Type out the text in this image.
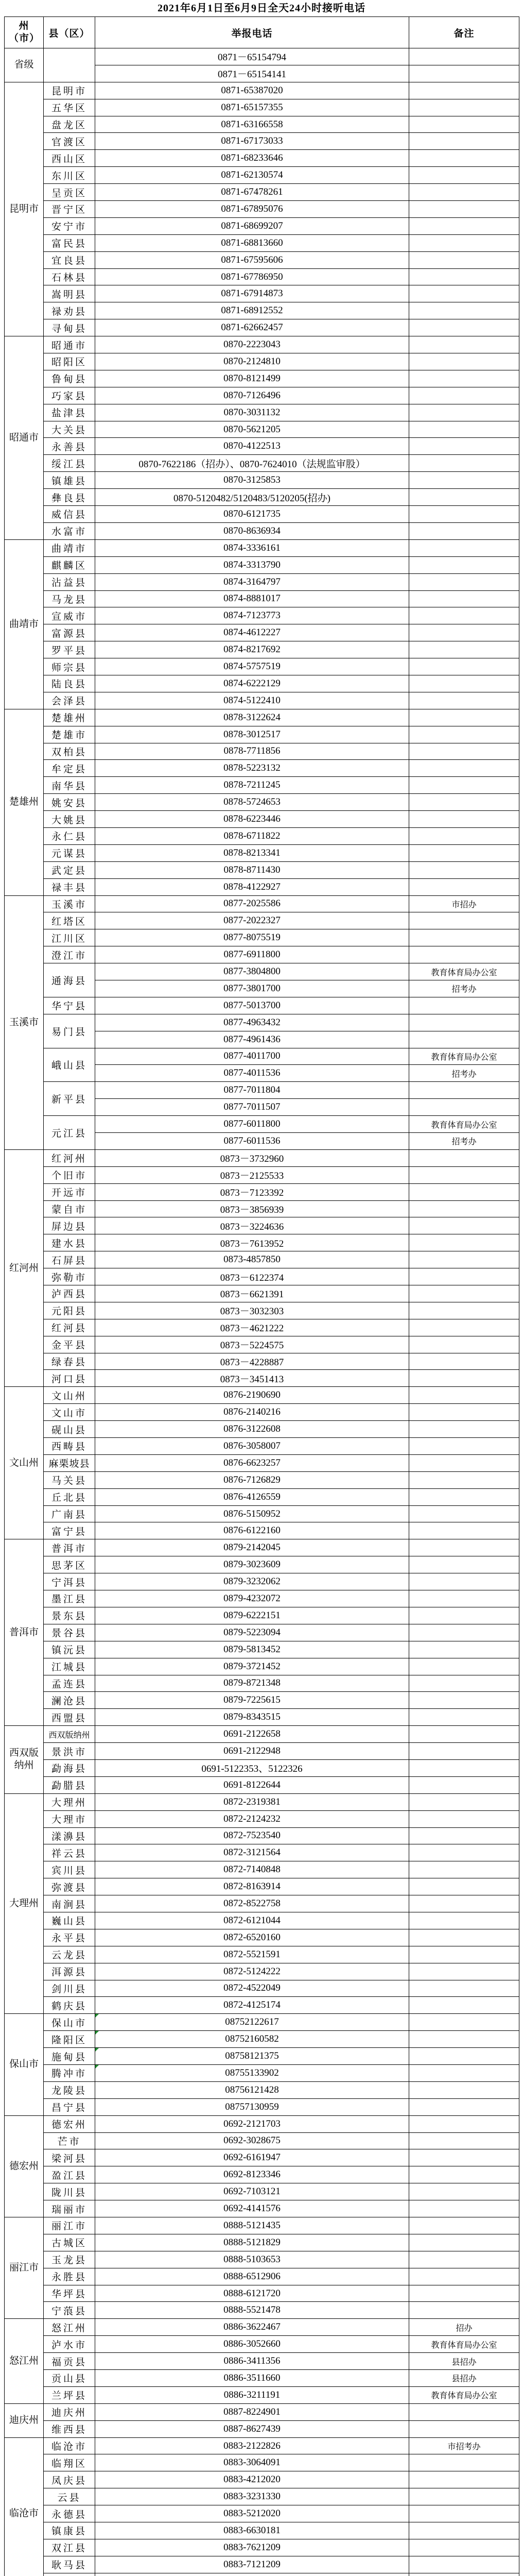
2021年6月1日至6月9日全天24小时接听电话
州（市）	县（区）	举报电话	备注
省级		0871－65154794	
		0871－65154141	
昆明市	昆明市	0871-65387020	
	五华区	0871-65157355	
	盘龙区	0871-63166558	
	官渡区	0871-67173033	
	西山区	0871-68233646	
	东川区	0871-62130574	
	呈贡区	0871-67478261	
	晋宁区	0871-67895076	
	安宁市	0871-68699207	
	富民县	0871-68813660	
	宜良县	0871-67595606	
	石林县	0871-67786950	
	嵩明县	0871-67914873	
	禄劝县	0871-68912552	
	寻甸县	0871-62662457	
昭通市	昭通市	0870-2223043	
	昭阳区	0870-2124810	
	鲁甸县	0870-8121499	
	巧家县	0870-7126496	
	盐津县	0870-3031132	
	大关县	0870-5621205	
	永善县	0870-4122513	
	绥江县	0870-7622186（招办）、0870-7624010（法规监审股）	
	镇雄县	0870-3125853	
	彝良县	0870-5120482/5120483/5120205(招办)	
	威信县	0870-6121735	
	水富市	0870-8636934	
曲靖市	曲靖市	0874-3336161	
	麒麟区	0874-3313790	
	沾益县	0874-3164797	
	马龙县	0874-8881017	
	宣威市	0874-7123773	
	富源县	0874-4612227	
	罗平县	0874-8217692	
	师宗县	0874-5757519	
	陆良县	0874-6222129	
	会泽县	0874-5122410	
楚雄州	楚雄州	0878-3122624	
	楚雄市	0878-3012517	
	双柏县	0878-7711856	
	牟定县	0878-5223132	
	南华县	0878-7211245	
	姚安县	0878-5724653	
	大姚县	0878-6223446	
	永仁县	0878-6711822	
	元谋县	0878-8213341	
	武定县	0878-8711430	
	禄丰县	0878-4122927	
玉溪市	玉溪市	0877-2025586	市招办
	红塔区	0877-2022327	
	江川区	0877-8075519	
	澄江市	0877-6911800	
	通海县	0877-3804800	教育体育局办公室
		0877-3801700	招考办
	华宁县	0877-5013700	
	易门县	0877-4963432	
		0877-4961436	
	峨山县	0877-4011700	教育体育局办公室
		0877-4011536	招考办
	新平县	0877-7011804	
		0877-7011507	
	元江县	0877-6011800	教育体育局办公室
		0877-6011536	招考办
红河州	红河州	0873－3732960	
	个旧市	0873－2125533	
	开远市	0873－7123392	
	蒙自市	0873－3856939	
	屏边县	0873－3224636	
	建水县	0873－7613952	
	石屏县	0873-4857850	
	弥勒市	0873－6122374	
	泸西县	0873－6621391	
	元阳县	0873－3032303	
	红河县	0873－4621222	
	金平县	0873－5224575	
	绿春县	0873－4228887	
	河口县	0873－3451413	
文山州	文山州	0876-2190690	
	文山市	0876-2140216	
	砚山县	0876-3122608	
	西畴县	0876-3058007	
	麻栗坡县	0876-6623257	
	马关县	0876-7126829	
	丘北县	0876-4126559	
	广南县	0876-5150952	
	富宁县	0876-6122160	
普洱市	普洱市	0879-2142045	
	思茅区	0879-3023609	
	宁洱县	0879-3232062	
	墨江县	0879-4232072	
	景东县	0879-6222151	
	景谷县	0879-5223094	
	镇沅县	0879-5813452	
	江城县	0879-3721452	
	孟连县	0879-8721348	
	澜沧县	0879-7225615	
	西盟县	0879-8343515	
西双版纳州	西双版纳州	0691-2122658	
	景洪市	0691-2122948	
	勐海县	0691-5122353、5122326	
	勐腊县	0691-8122644	
大理州	大理州	0872-2319381	
	大理市	0872-2124232	
	漾濞县	0872-7523540	
	祥云县	0872-3121564	
	宾川县	0872-7140848	
	弥渡县	0872-8163914	
	南涧县	0872-8522758	
	巍山县	0872-6121044	
	永平县	0872-6520160	
	云龙县	0872-5521591	
	洱源县	0872-5124222	
	剑川县	0872-4522049	
	鹤庆县	0872-4125174	
保山市	保山市	08752122617	
	隆阳区	08752160582	
	施甸县	08758121375	
	腾冲市	08755133902	
	龙陵县	08756121428	
	昌宁县	08757130959	
德宏州	德宏州	0692-2121703	
	芒市	0692-3028675	
	梁河县	0692-6161947	
	盈江县	0692-8123346	
	陇川县	0692-7103121	
	瑞丽市	0692-4141576	
丽江市	丽江市	0888-5121435	
	古城区	0888-5121829	
	玉龙县	0888-5103653	
	永胜县	0888-6512906	
	华坪县	0888-6121720	
	宁蒗县	0888-5521478	
怒江州	怒江州	0886-3622467	招办
	泸水市	0886-3052660	教育体育局办公室
	福贡县	0886-3411356	县招办
	贡山县	0886-3511660	县招办
	兰坪县	0886-3211191	教育体育局办公室
迪庆州	迪庆州	0887-8224901	
	维西县	0887-8627439	
临沧市	临沧市	0883-2122826	市招考办
	临翔区	0883-3064091	
	凤庆县	0883-4212020	
	云县	0883-3231330	
	永德县	0883-5212020	
	镇康县	0883-6630181	
	双江县	0883-7621209	
	耿马县	0883-7121209	
